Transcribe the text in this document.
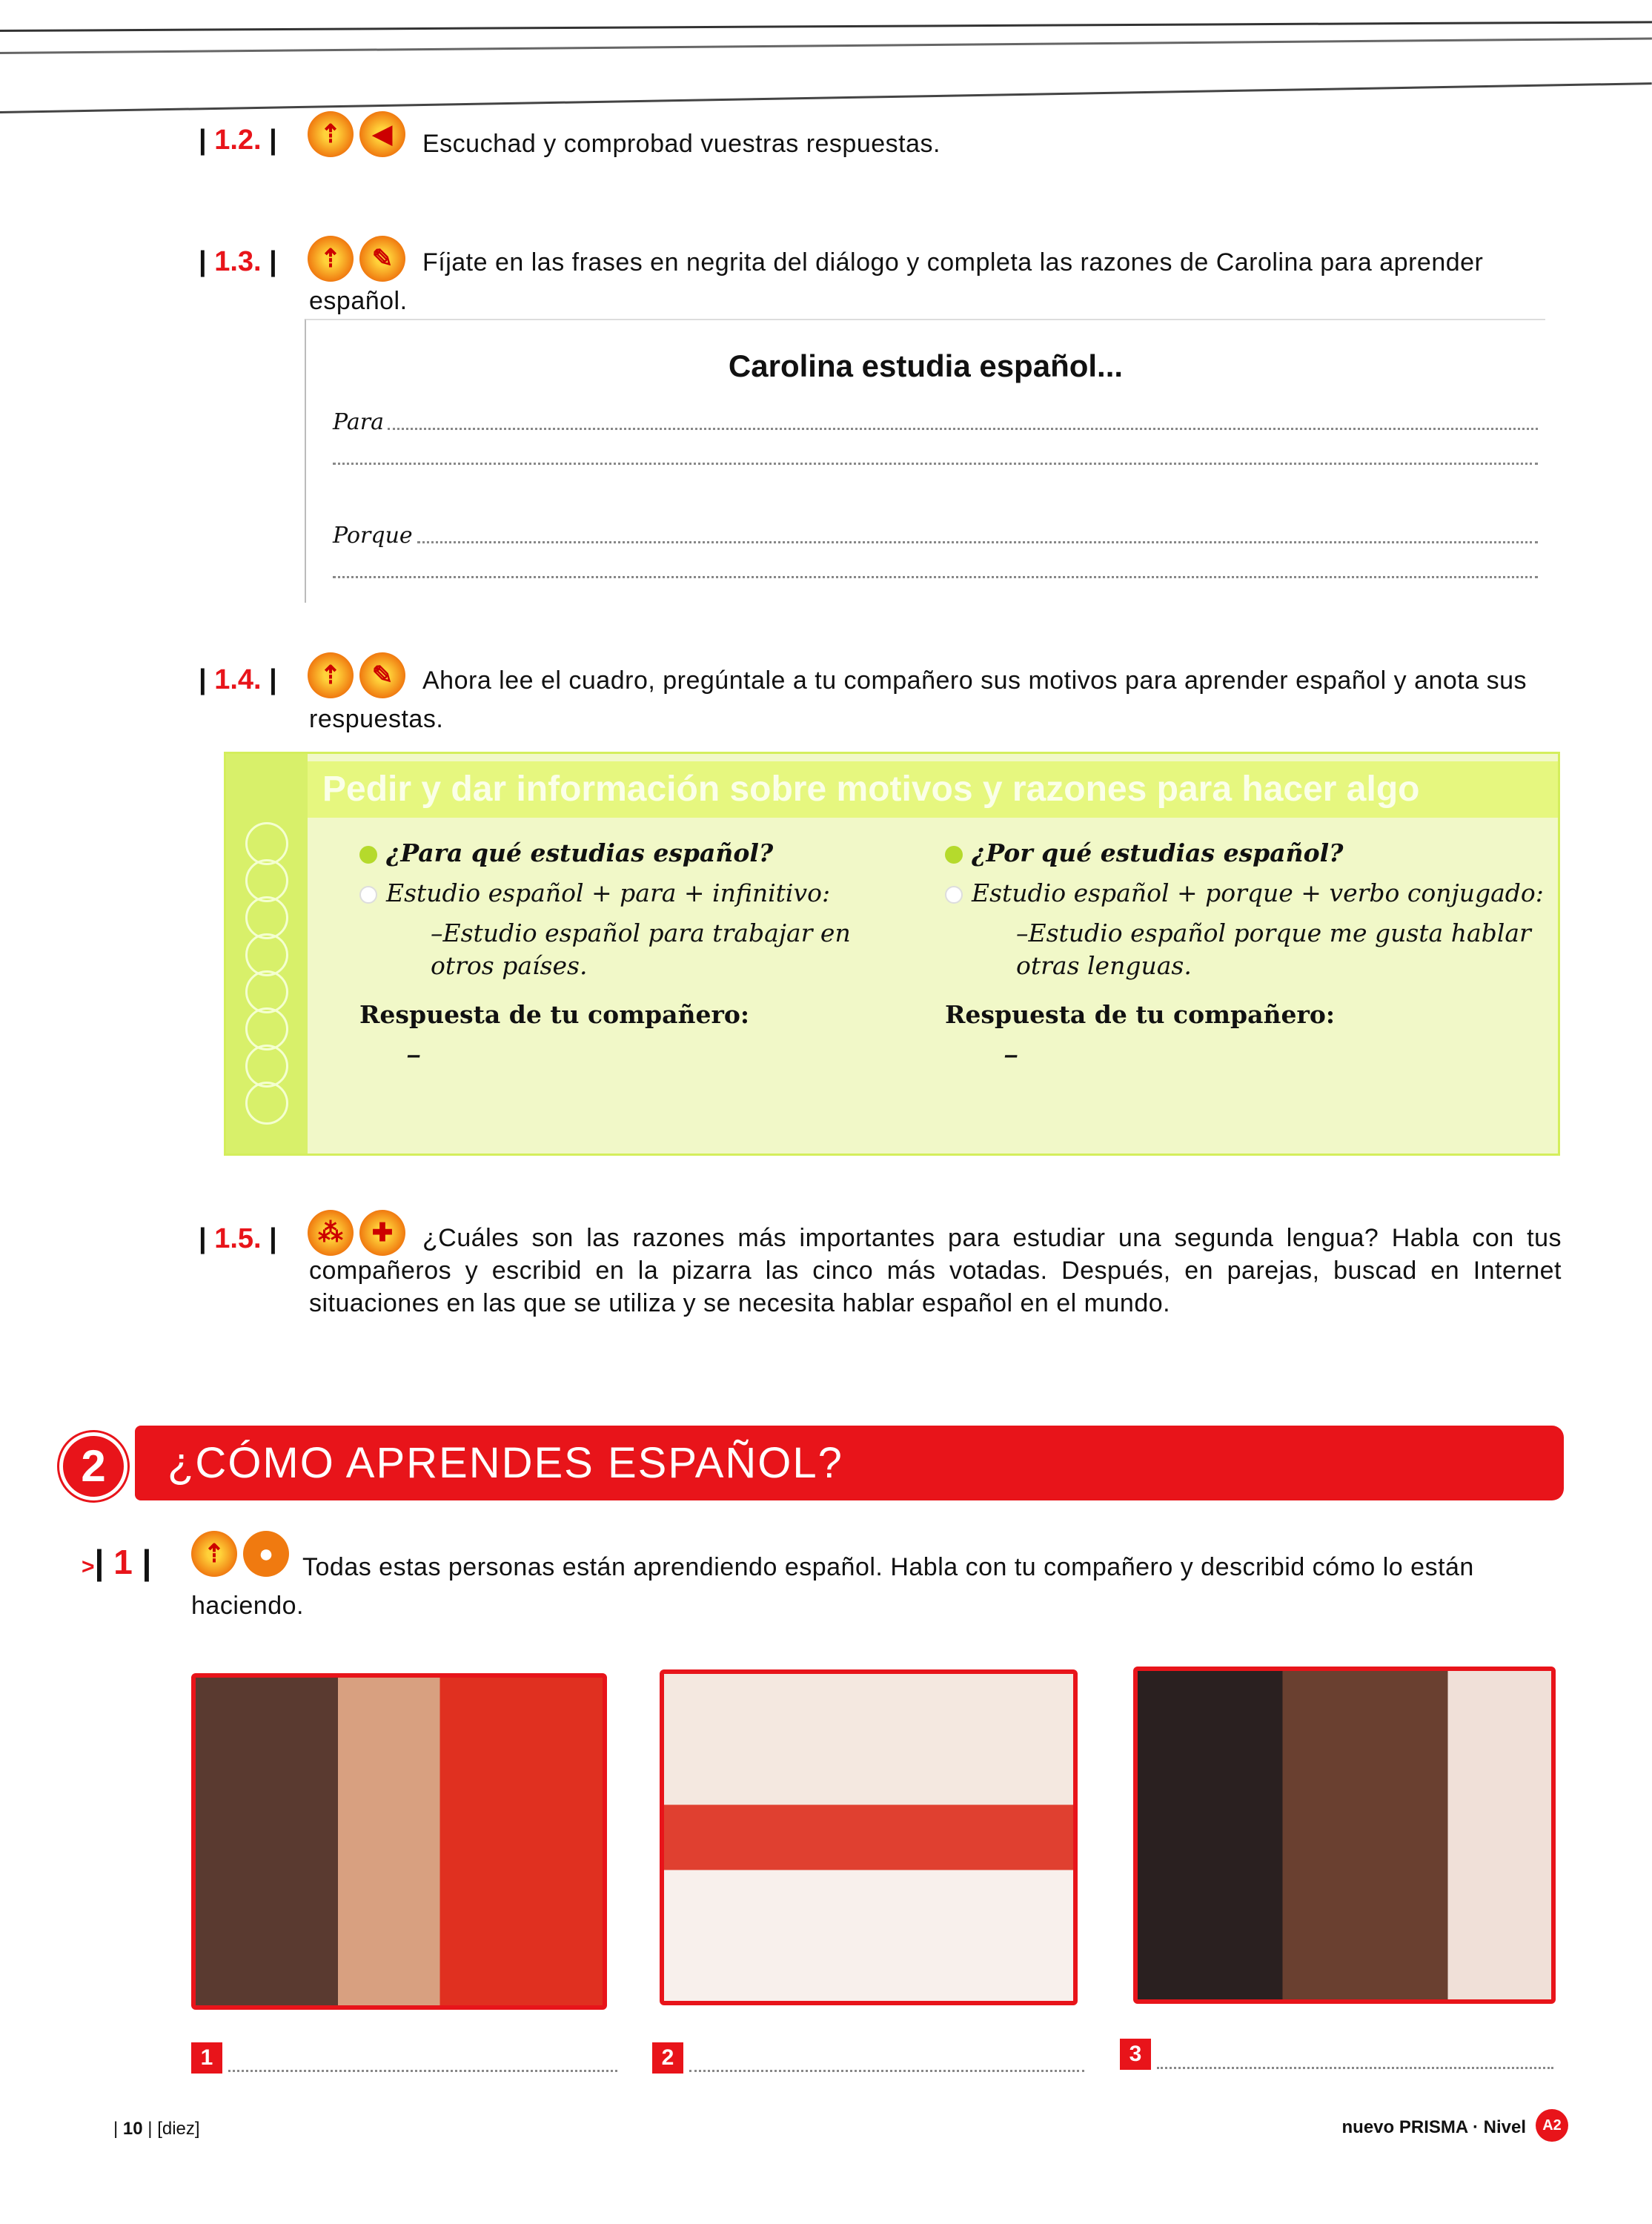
| 1.2. |	⇡	◀	Escuchad y comprobad vuestras respuestas.
| 1.3. |	⇡	✎	Fíjate en las frases en negrita del diálogo y completa las razones de Carolina para aprender español.
Carolina estudia español...
Para
Porque
| 1.4. |	⇡	✎	Ahora lee el cuadro, pregúntale a tu compañero sus motivos para aprender español y anota sus respuestas.
Pedir y dar información sobre motivos y razones para hacer algo
¿Para qué estudias español?
Estudio español + para + infinitivo:
–Estudio español para trabajar en otros países.
Respuesta de tu compañero:
–
¿Por qué estudias español?
Estudio español + porque + verbo conjugado:
–Estudio español porque me gusta hablar otras lenguas.
Respuesta de tu compañero:
–
| 1.5. |	⁂	✚	¿Cuáles son las razones más importantes para estudiar una segunda lengua? Habla con tus compañeros y escribid en la pizarra las cinco más votadas. Después, en parejas, buscad en Internet situaciones en las que se utiliza y se necesita hablar español en el mundo.
¿CÓMO APRENDES ESPAÑOL?
2
>| 1 |	⇡	●	Todas estas personas están aprendiendo español. Habla con tu compañero y describid cómo lo están haciendo.
1	2	3
| 10 | [diez]	nuevo PRISMA · Nivel	A2
